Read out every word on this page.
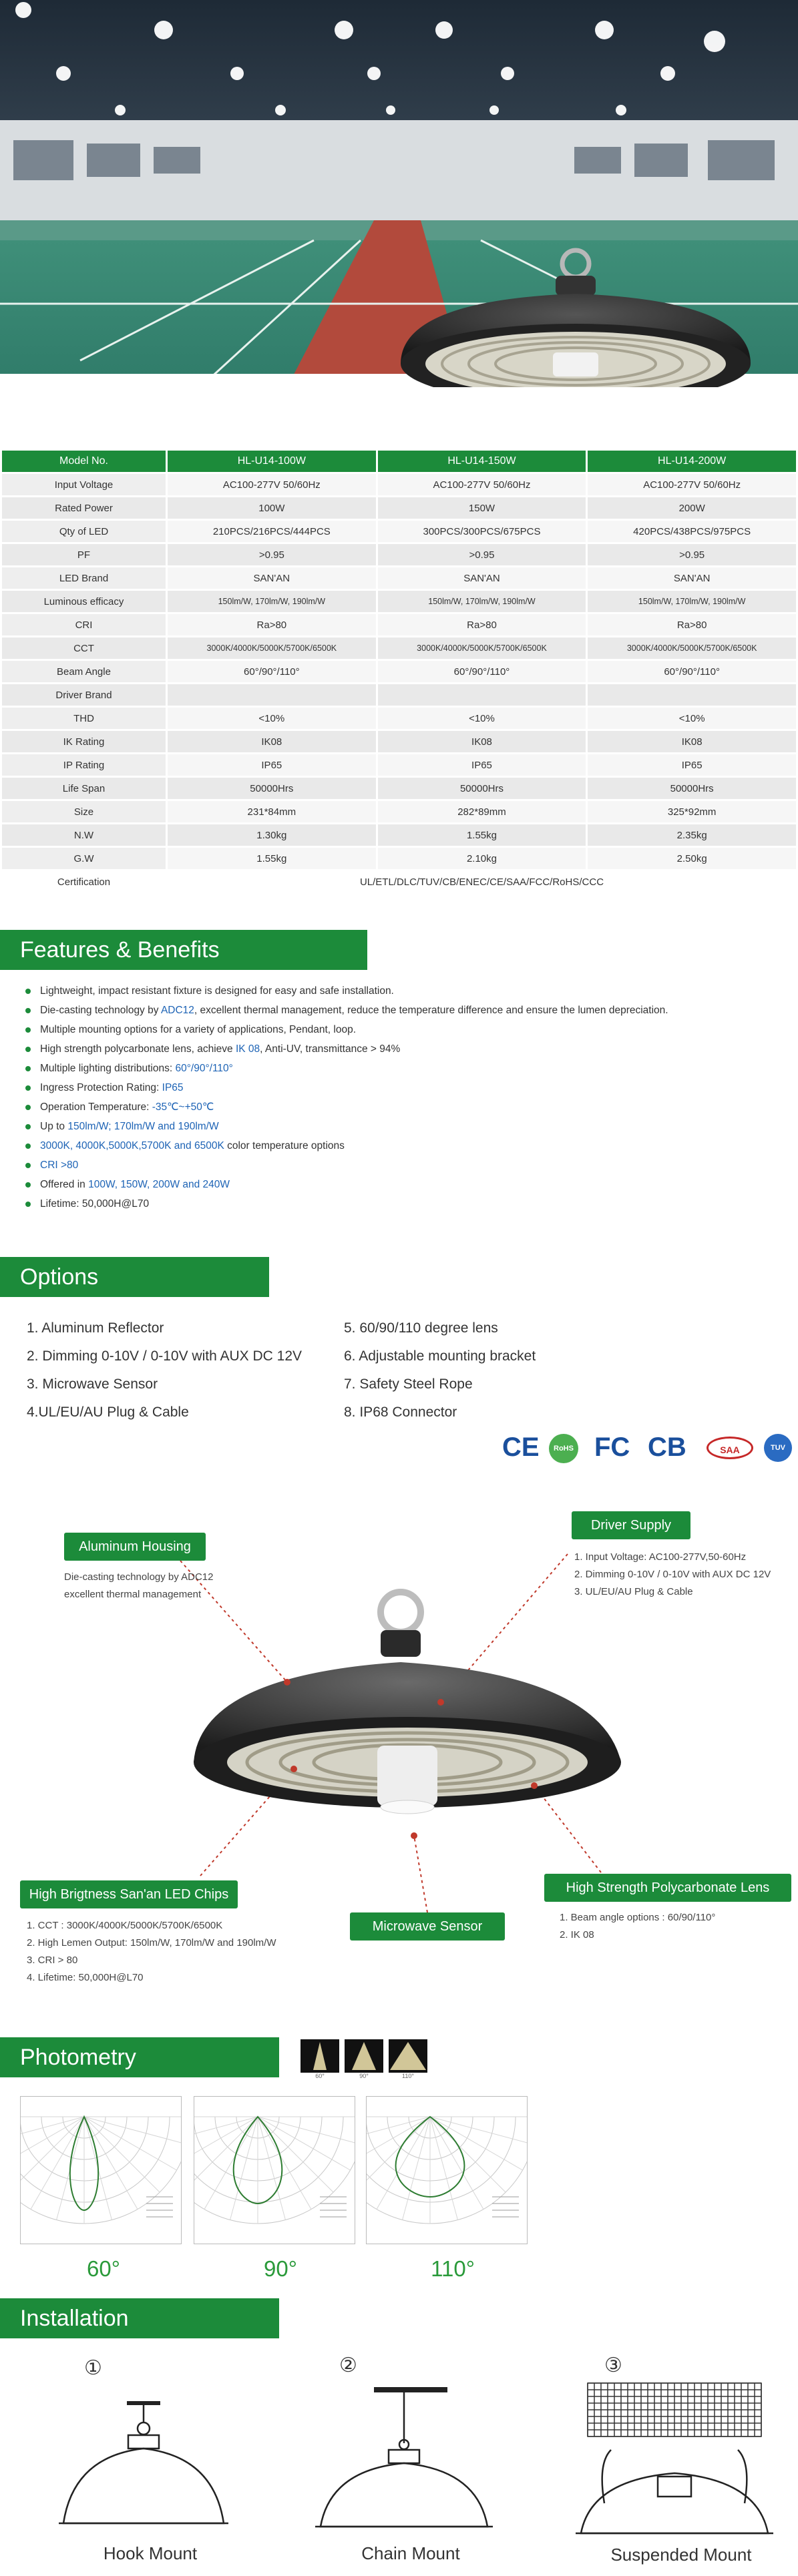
Model No.	HL-U14-100W	HL-U14-150W	HL-U14-200W
Input Voltage	AC100-277V 50/60Hz	AC100-277V 50/60Hz	AC100-277V 50/60Hz
Rated Power	100W	150W	200W
Qty of LED	210PCS/216PCS/444PCS	300PCS/300PCS/675PCS	420PCS/438PCS/975PCS
PF	>0.95	>0.95	>0.95
LED Brand	SAN'AN	SAN'AN	SAN'AN
Luminous efficacy	150lm/W, 170lm/W, 190lm/W	150lm/W, 170lm/W, 190lm/W	150lm/W, 170lm/W, 190lm/W
CRI	Ra>80	Ra>80	Ra>80
CCT	3000K/4000K/5000K/5700K/6500K	3000K/4000K/5000K/5700K/6500K	3000K/4000K/5000K/5700K/6500K
Beam Angle	60°/90°/110°	60°/90°/110°	60°/90°/110°
Driver Brand			
THD	<10%	<10%	<10%
IK Rating	IK08	IK08	IK08
IP Rating	IP65	IP65	IP65
Life Span	50000Hrs	50000Hrs	50000Hrs
Size	231*84mm	282*89mm	325*92mm
N.W	1.30kg	1.55kg	2.35kg
G.W	1.55kg	2.10kg	2.50kg
Certification	UL/ETL/DLC/TUV/CB/ENEC/CE/SAA/FCC/RoHS/CCC		
Features & Benefits
Lightweight, impact resistant fixture is designed for easy and safe installation.
Die-casting technology by ADC12, excellent thermal management, reduce the temperature difference and ensure the lumen depreciation.
Multiple mounting options for a variety of applications, Pendant, loop.
High strength polycarbonate lens, achieve IK 08, Anti-UV, transmittance > 94%
Multiple lighting distributions: 60°/90°/110°
Ingress Protection Rating: IP65
Operation Temperature: -35℃~+50℃
Up to 150lm/W; 170lm/W and 190lm/W
3000K, 4000K,5000K,5700K and 6500K color temperature options
CRI >80
Offered in 100W, 150W, 200W and 240W
Lifetime: 50,000H@L70
Options
1. Aluminum Reflector
2. Dimming 0-10V / 0-10V with AUX DC 12V
3. Microwave Sensor
4.UL/EU/AU Plug & Cable
5. 60/90/110 degree lens
6. Adjustable mounting bracket
7. Safety Steel Rope
8. IP68 Connector
CE	RoHS FC CB	SAA	TUV
Aluminum Housing
Die-casting technology by ADC12
excellent thermal management
Driver Supply
1. Input Voltage: AC100-277V,50-60Hz
2. Dimming 0-10V / 0-10V with AUX DC 12V
3. UL/EU/AU Plug & Cable
High Brigtness San'an LED Chips
1. CCT : 3000K/4000K/5000K/5700K/6500K
2. High Lemen Output: 150lm/W, 170lm/W and 190lm/W
3. CRI > 80
4. Lifetime: 50,000H@L70
Microwave Sensor
High Strength Polycarbonate Lens
1. Beam angle options : 60/90/110°
2. IK 08
Photometry
60°	90°	110°
60°	90°	110°
Installation
①	②	③
Hook Mount	Chain Mount	Suspended Mount
